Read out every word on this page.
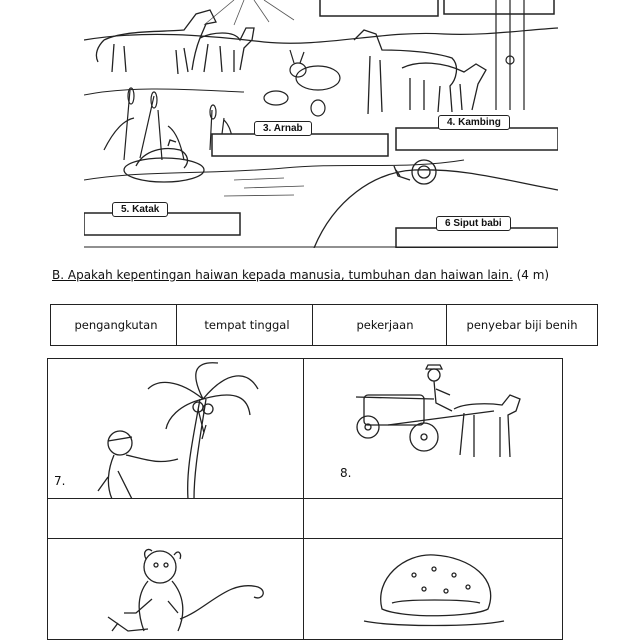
3. Arnab
4. Kambing
5. Katak
6 Siput babi
B. Apakah kepentingan haiwan kepada manusia, tumbuhan dan haiwan lain. (4 m)
pengangkutan	tempat tinggal	pekerjaan	penyebar biji benih
7.
8.
